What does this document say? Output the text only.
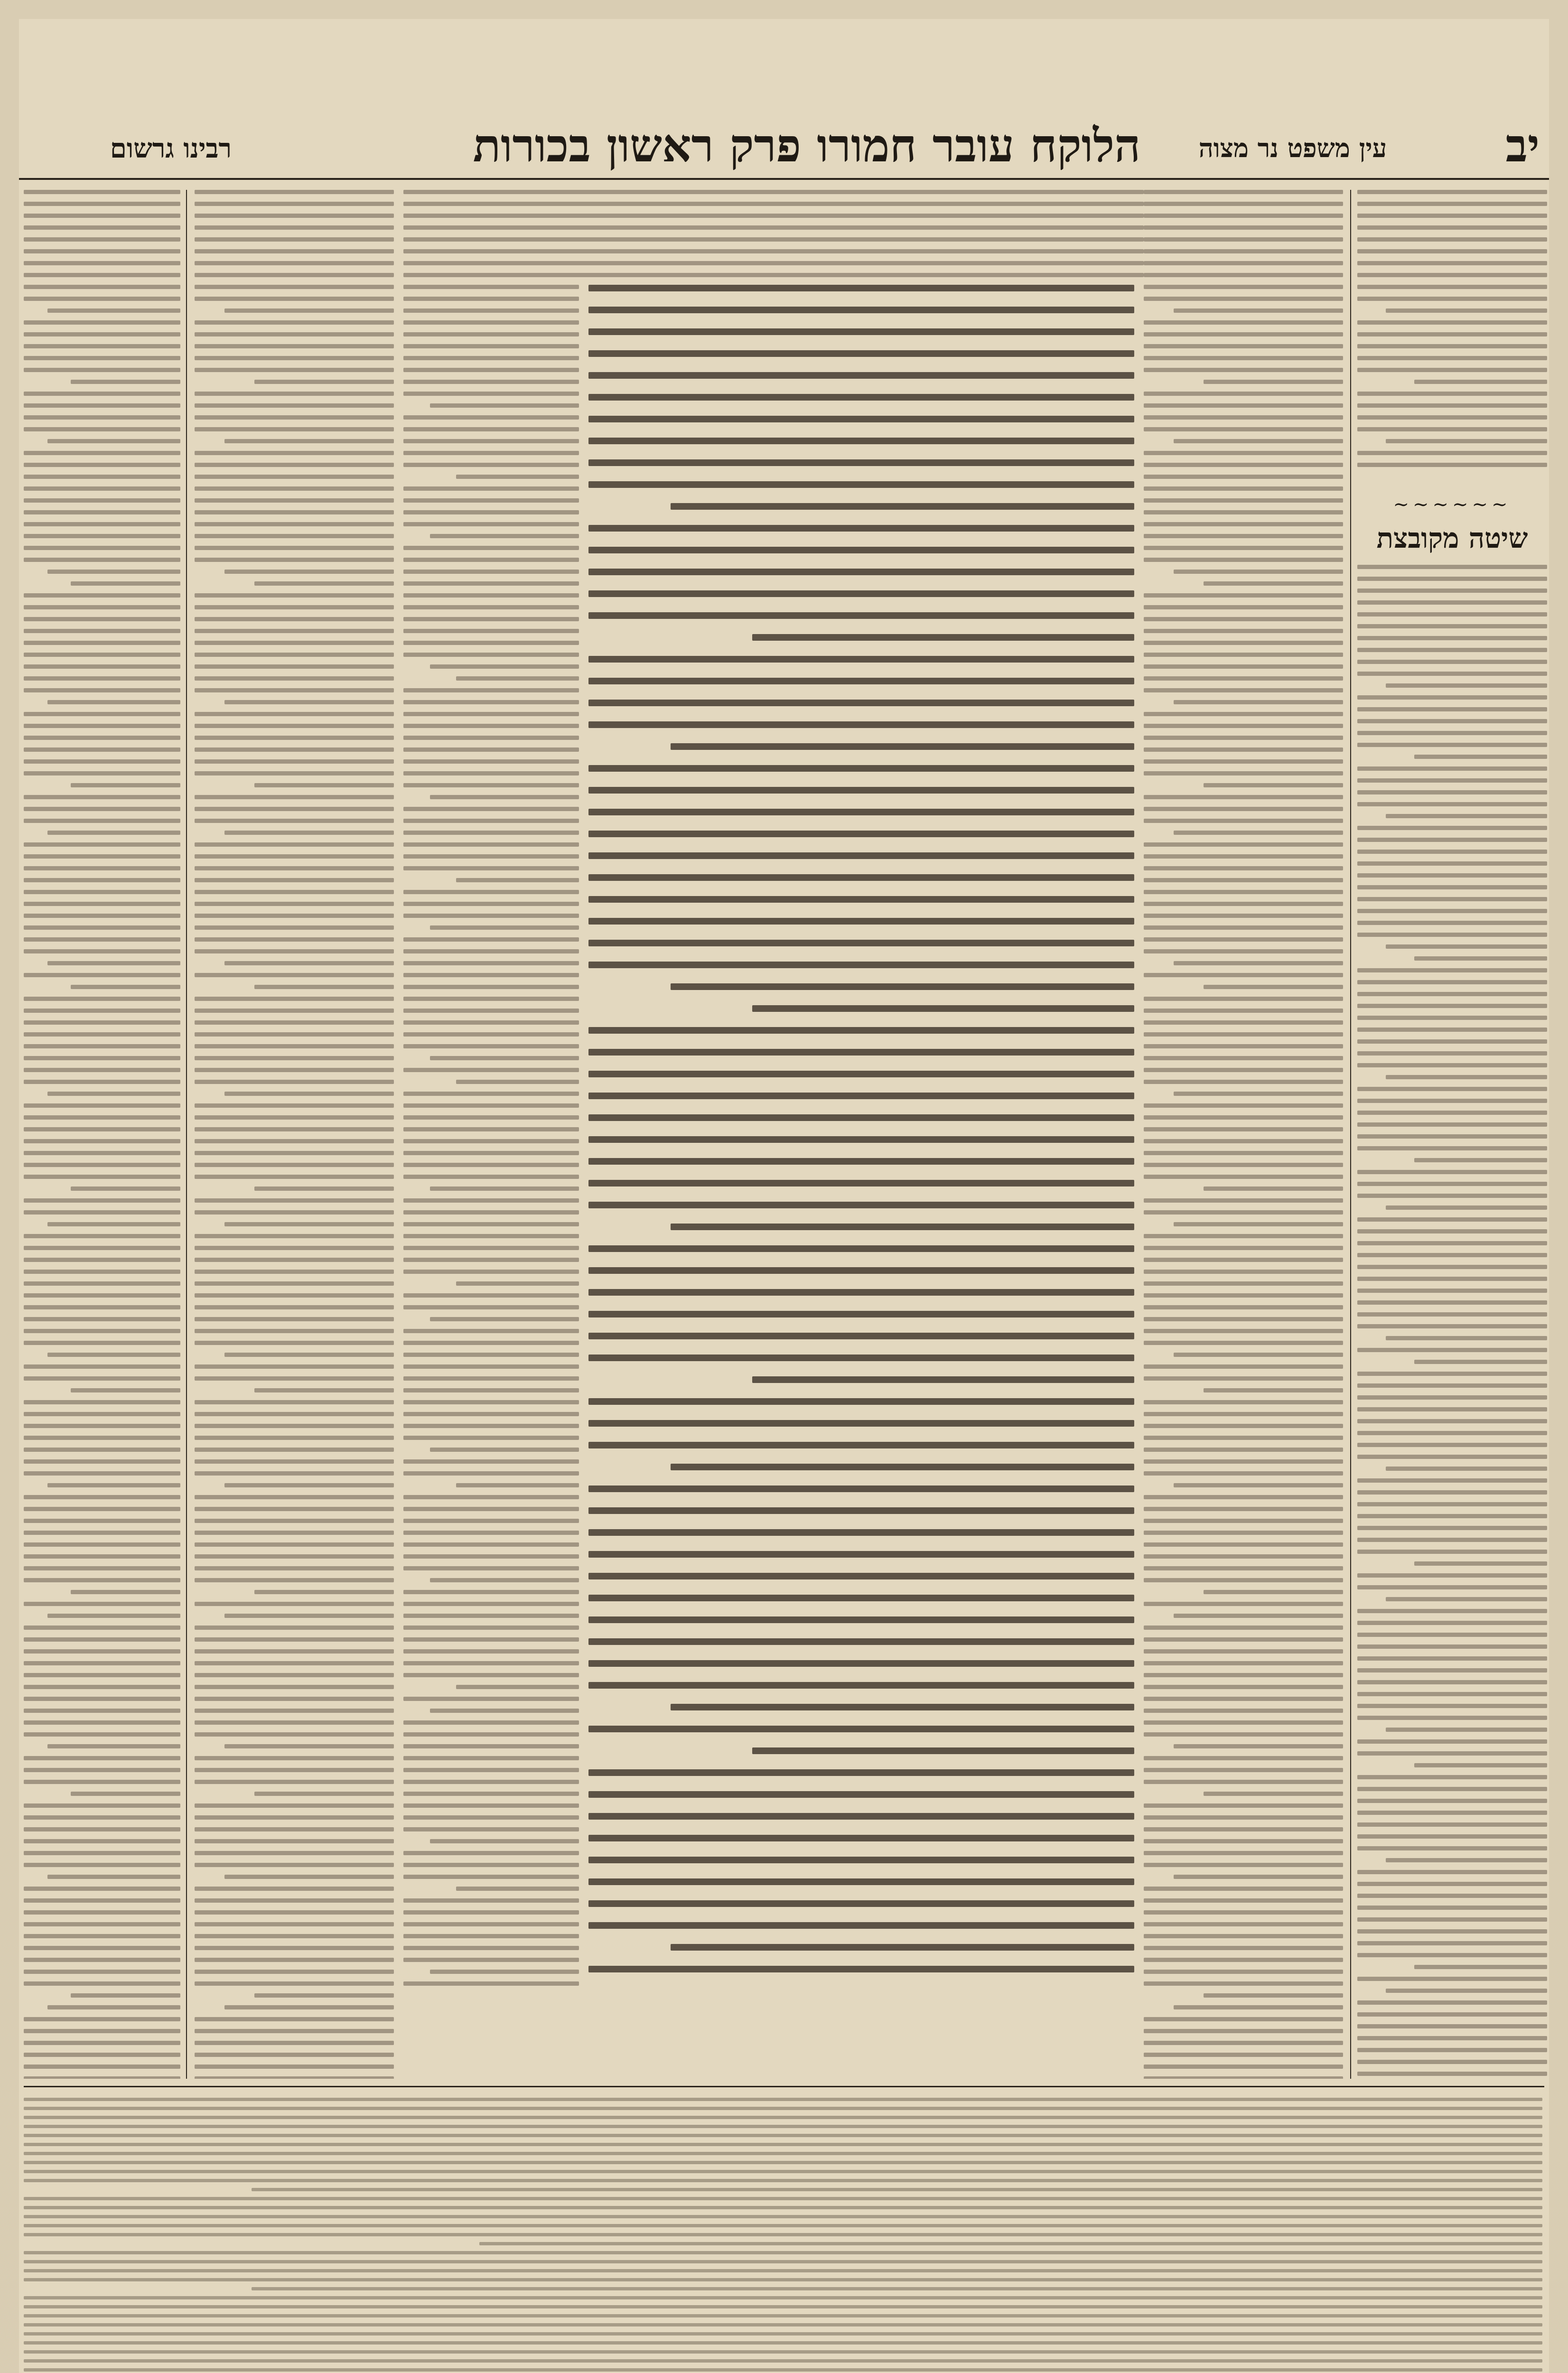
רבינו גרשום	הלוקח עובר חמורו פרק ראשון בכורות	עין משפט נר מצוה	יב
~~~~~~
שיטה מקובצת
